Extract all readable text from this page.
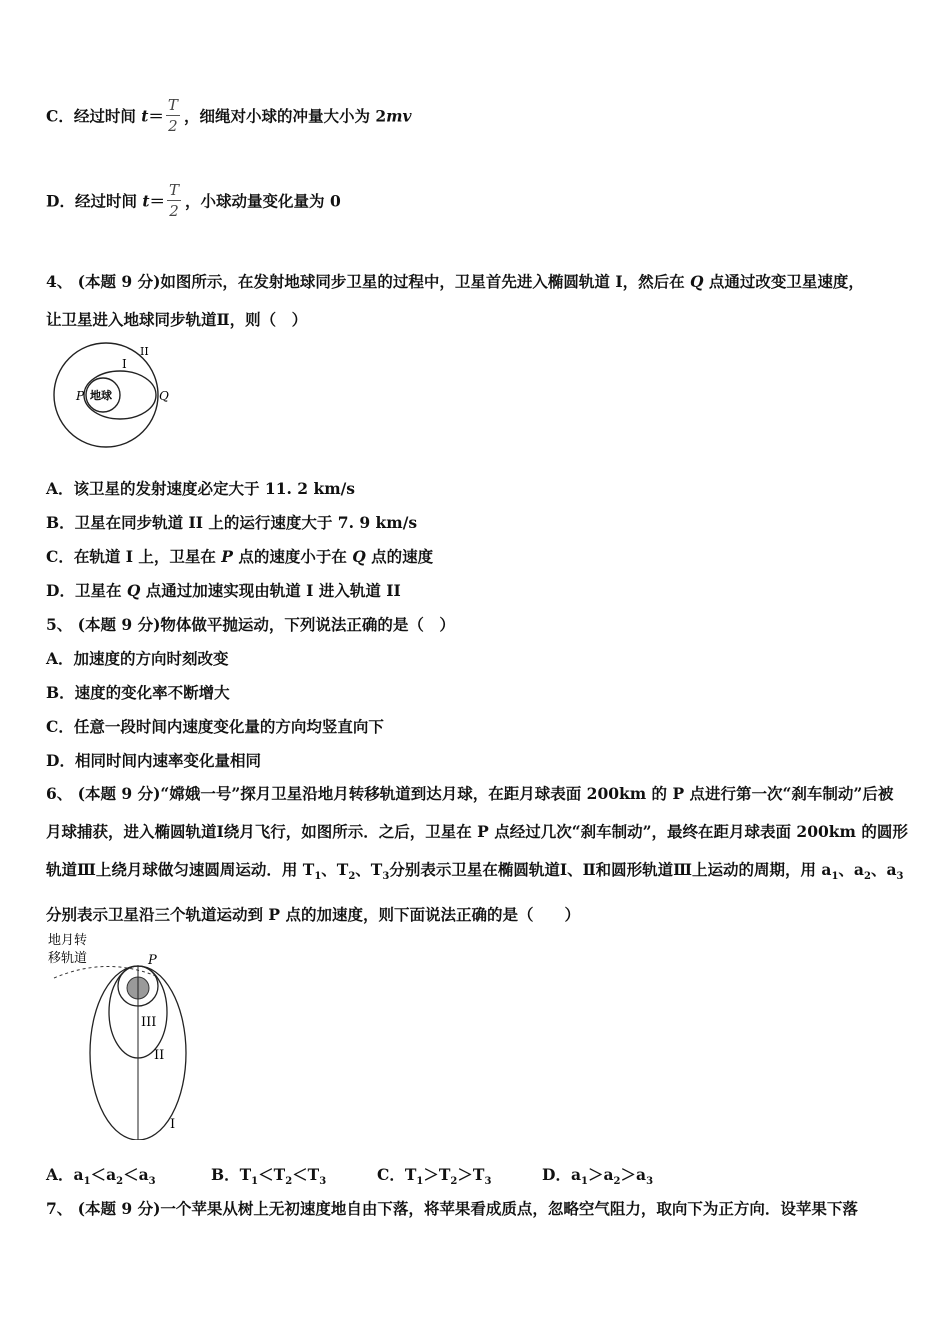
C．经过时间 $t= \frac{T}{2}$ ，细绳对小球的冲量大小为 2mv
D．经过时间 $t= \frac{T}{2}$ ，小球动量变化量为 0
4、 (本题 9 分)如图所示，在发射地球同步卫星的过程中，卫星首先进入椭圆轨道 I，然后在 Q 点通过改变卫星速度，
让卫星进入地球同步轨道Ⅱ，则（　）
地球
I
II
P	Q
A．该卫星的发射速度必定大于 11. 2 km/s
B．卫星在同步轨道 II 上的运行速度大于 7. 9 km/s
C．在轨道 I 上，卫星在 P 点的速度小于在 Q 点的速度
D．卫星在 Q 点通过加速实现由轨道 I 进入轨道 II
5、 (本题 9 分)物体做平抛运动，下列说法正确的是（　）
A．加速度的方向时刻改变
B．速度的变化率不断增大
C．任意一段时间内速度变化量的方向均竖直向下
D．相同时间内速率变化量相同
6、 (本题 9 分)“嫦娥一号”探月卫星沿地月转移轨道到达月球，在距月球表面 200km 的 P 点进行第一次“刹车制动”后被月球捕获，进入椭圆轨道Ⅰ绕月飞行，如图所示．之后，卫星在 P 点经过几次“刹车制动”，最终在距月球表面 200km 的圆形轨道Ⅲ上绕月球做匀速圆周运动．用 $T_1$、$T_2$、$T_3$分别表示卫星在椭圆轨道Ⅰ、Ⅱ和圆形轨道Ⅲ上运动的周期，用 $a_1$、$a_2$、$a_3$分别表示卫星沿三个轨道运动到 P 点的加速度，则下面说法正确的是（　　）
地月转
移轨道	P
III
II
I
A．$a_1<a_2<a_3$	B．$T_1<T_2<T_3$	C．$T_1>T_2>T_3$	D．$a_1>a_2>a_3$
7、 (本题 9 分)一个苹果从树上无初速度地自由下落，将苹果看成质点，忽略空气阻力，取向下为正方向．设苹果下落
